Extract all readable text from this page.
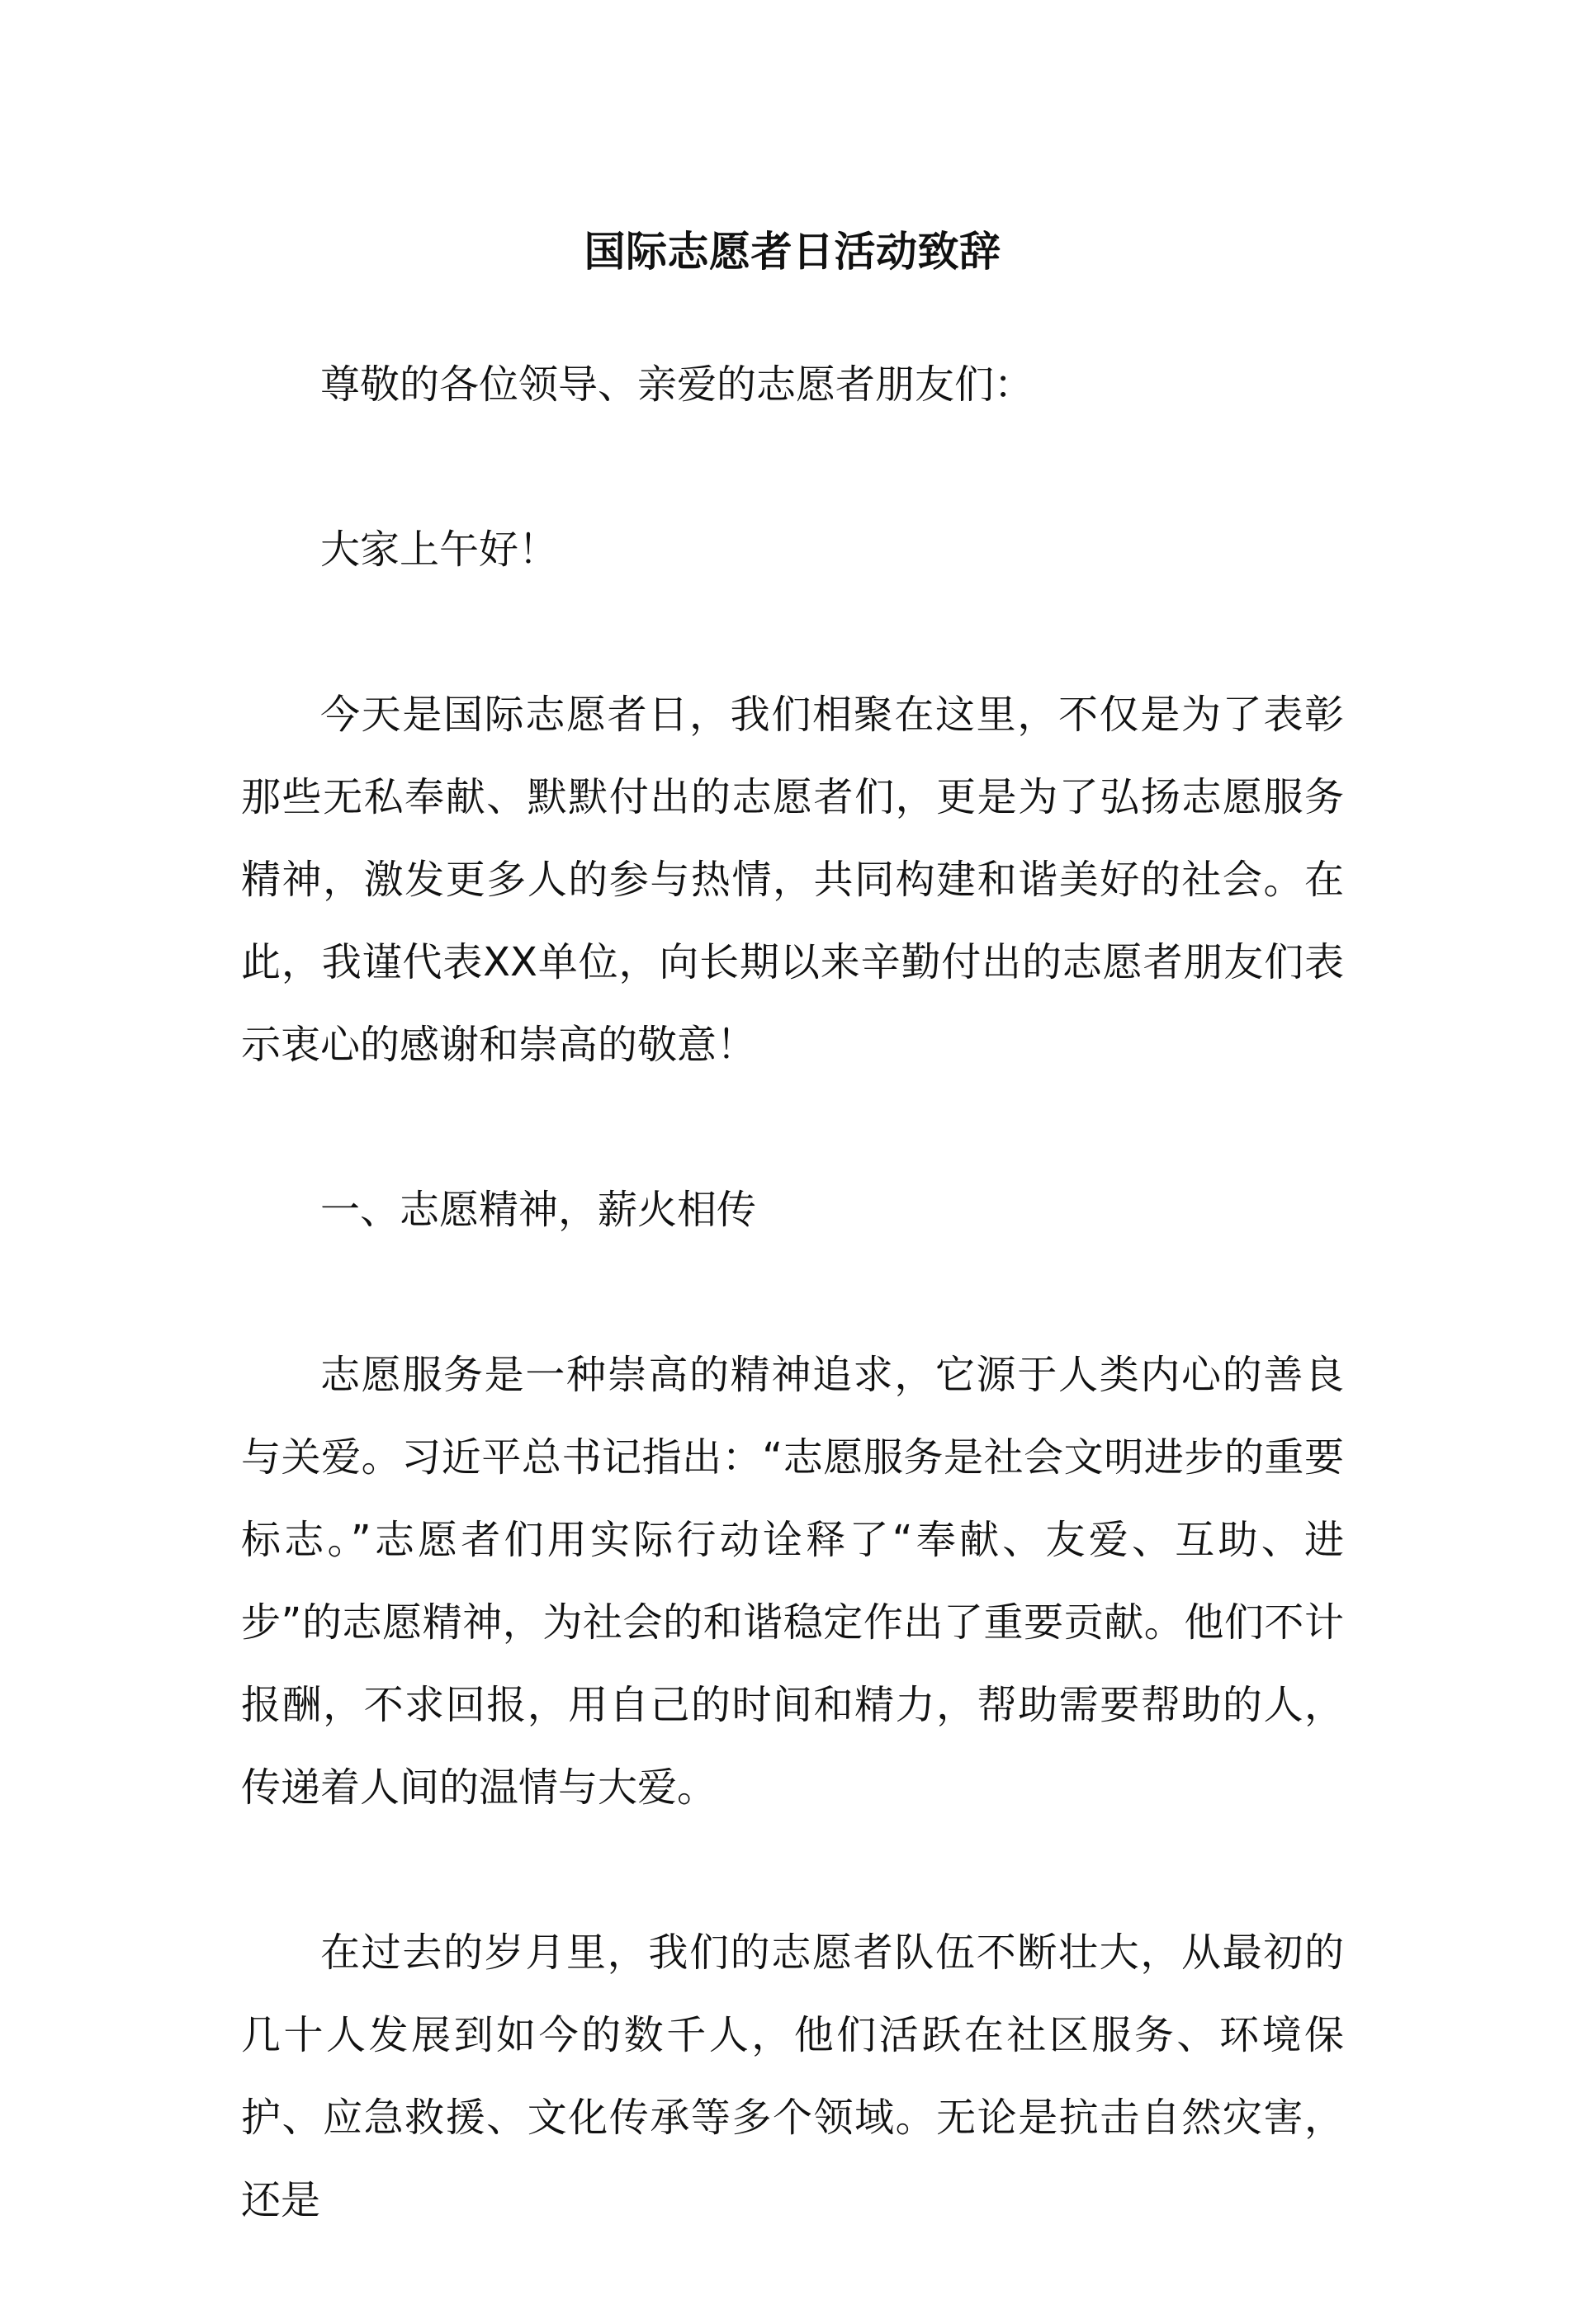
国际志愿者日活动致辞

尊敬的各位领导、亲爱的志愿者朋友们：

大家上午好！

今天是国际志愿者日，我们相聚在这里，不仅是为了表彰那些无私奉献、默默付出的志愿者们，更是为了弘扬志愿服务精神，激发更多人的参与热情，共同构建和谐美好的社会。在此，我谨代表XX单位，向长期以来辛勤付出的志愿者朋友们表示衷心的感谢和崇高的敬意！

一、志愿精神，薪火相传

志愿服务是一种崇高的精神追求，它源于人类内心的善良与关爱。习近平总书记指出：“志愿服务是社会文明进步的重要标志。”志愿者们用实际行动诠释了“奉献、友爱、互助、进步”的志愿精神，为社会的和谐稳定作出了重要贡献。他们不计报酬，不求回报，用自己的时间和精力，帮助需要帮助的人，传递着人间的温情与大爱。

在过去的岁月里，我们的志愿者队伍不断壮大，从最初的几十人发展到如今的数千人，他们活跃在社区服务、环境保护、应急救援、文化传承等多个领域。无论是抗击自然灾害，还是
